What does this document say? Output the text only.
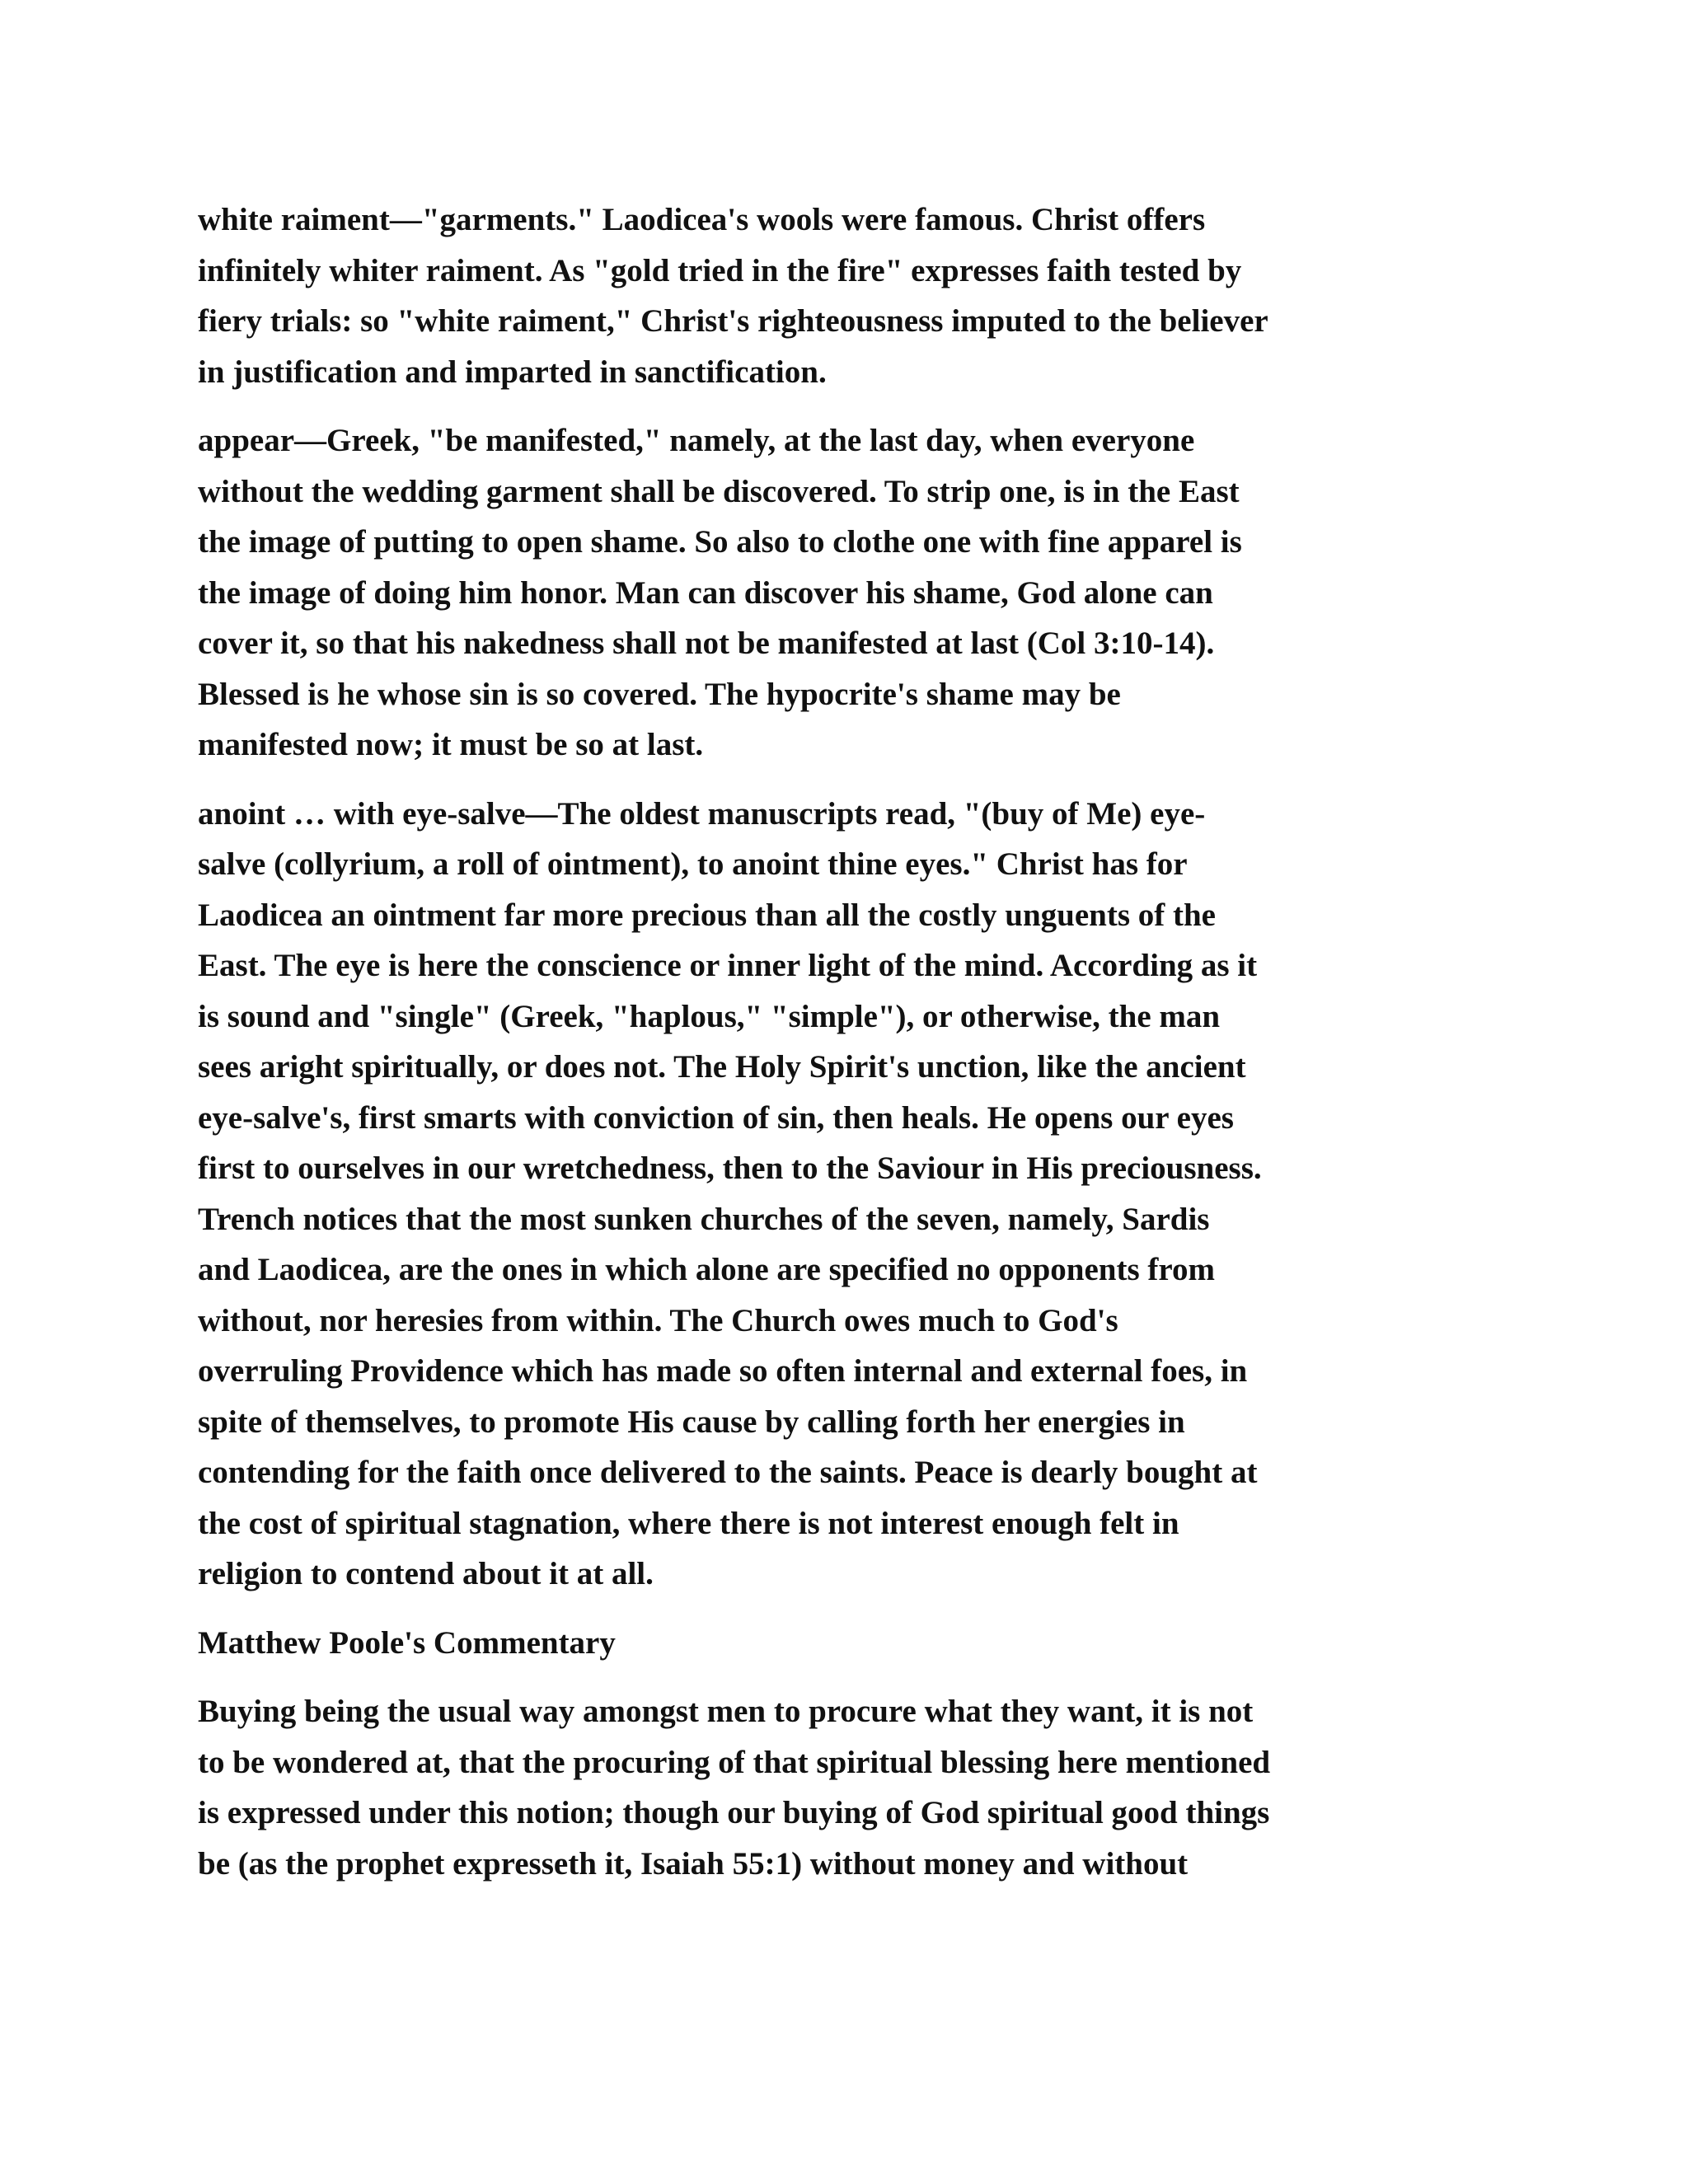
white raiment—"garments." Laodicea's wools were famous. Christ offers
infinitely whiter raiment. As "gold tried in the fire" expresses faith tested by
fiery trials: so "white raiment," Christ's righteousness imputed to the believer
in justification and imparted in sanctification.
appear—Greek, "be manifested," namely, at the last day, when everyone
without the wedding garment shall be discovered. To strip one, is in the East
the image of putting to open shame. So also to clothe one with fine apparel is
the image of doing him honor. Man can discover his shame, God alone can
cover it, so that his nakedness shall not be manifested at last (Col 3:10-14).
Blessed is he whose sin is so covered. The hypocrite's shame may be
manifested now; it must be so at last.
anoint … with eye-salve—The oldest manuscripts read, "(buy of Me) eye-
salve (collyrium, a roll of ointment), to anoint thine eyes." Christ has for
Laodicea an ointment far more precious than all the costly unguents of the
East. The eye is here the conscience or inner light of the mind. According as it
is sound and "single" (Greek, "haplous," "simple"), or otherwise, the man
sees aright spiritually, or does not. The Holy Spirit's unction, like the ancient
eye-salve's, first smarts with conviction of sin, then heals. He opens our eyes
first to ourselves in our wretchedness, then to the Saviour in His preciousness.
Trench notices that the most sunken churches of the seven, namely, Sardis
and Laodicea, are the ones in which alone are specified no opponents from
without, nor heresies from within. The Church owes much to God's
overruling Providence which has made so often internal and external foes, in
spite of themselves, to promote His cause by calling forth her energies in
contending for the faith once delivered to the saints. Peace is dearly bought at
the cost of spiritual stagnation, where there is not interest enough felt in
religion to contend about it at all.
Matthew Poole's Commentary
Buying being the usual way amongst men to procure what they want, it is not
to be wondered at, that the procuring of that spiritual blessing here mentioned
is expressed under this notion; though our buying of God spiritual good things
be (as the prophet expresseth it, Isaiah 55:1) without money and without
